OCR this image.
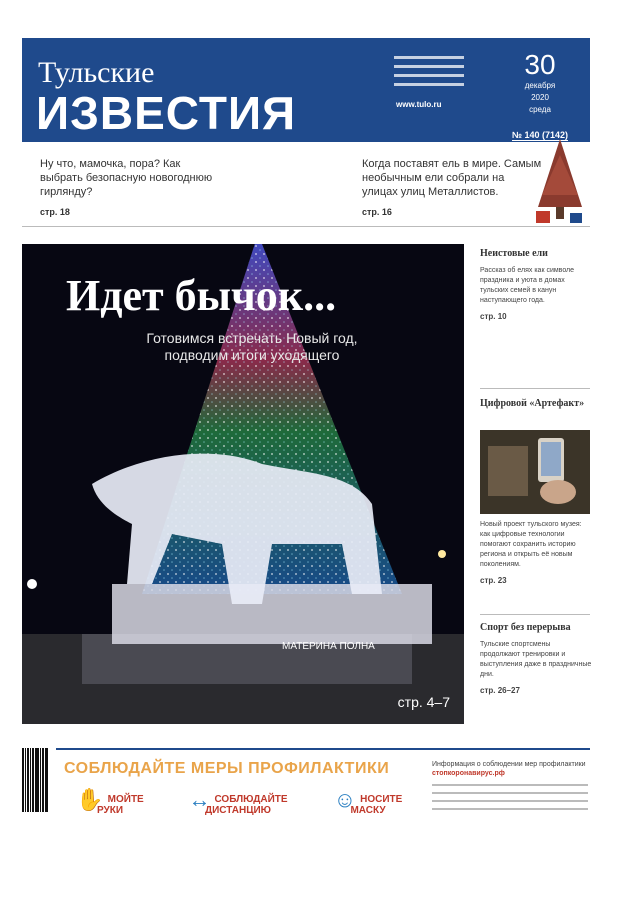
Тульские
ИЗВЕСТИЯ	www.tulo.ru
30
декабря
2020
среда
№ 140 (7142)

Ну что, мамочка, пора? Как выбрать безопасную новогоднюю гирлянду?

стр. 18

Когда поставят ель в мире. Самым необычным ели собрали на улицах улиц Металлистов.

стр. 16

МАТЕРИНА ПОЛНА
Идет бычок...
Готовимся встречать Новый год, подводим итоги уходящего
стр. 4–7
Неистовые ели

Рассказ об елях как символе праздника и уюта в домах тульских семей в канун наступающего года.

стр. 10

Цифровой «Артефакт»

Новый проект тульского музея: как цифровые технологии помогают сохранить историю региона и открыть её новым поколениям.

стр. 23

Спорт без перерыва

Тульские спортсмены продолжают тренировки и выступления даже в праздничные дни.

стр. 26–27

СОБЛЮДАЙТЕ МЕРЫ ПРОФИЛАКТИКИ
✋ МОЙТЕ РУКИ	↔ СОБЛЮДАЙТЕ ДИСТАНЦИЮ	☺ НОСИТЕ МАСКУ

Информация о соблюдении мер профилактики

стопкоронавирус.рф
